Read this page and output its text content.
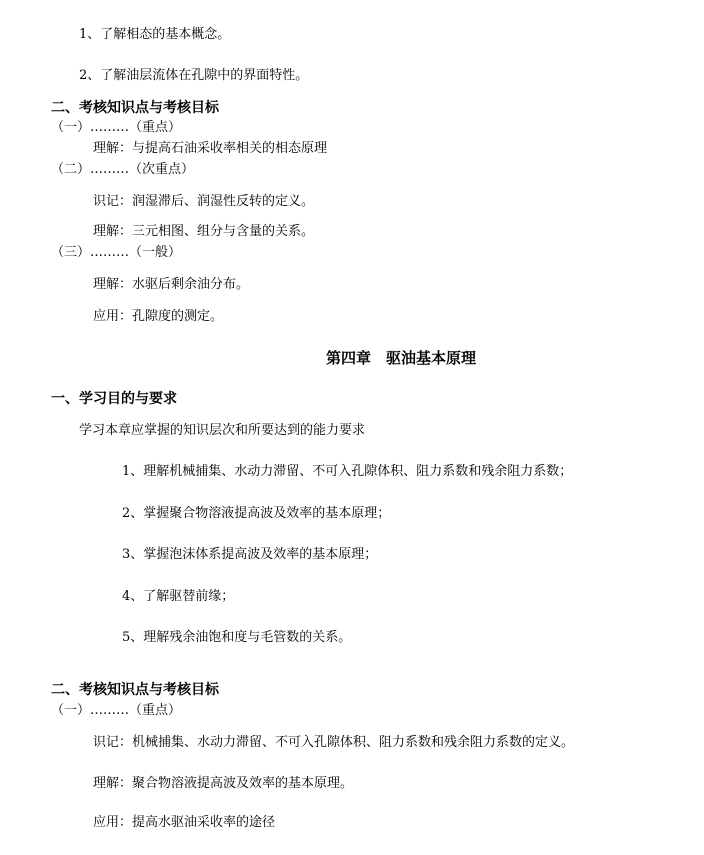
1、了解相态的基本概念。
2、了解油层流体在孔隙中的界面特性。
二、考核知识点与考核目标
（一）………（重点）
理解：与提高石油采收率相关的相态原理
（二）………（次重点）
识记：润湿滞后、润湿性反转的定义。
理解：三元相图、组分与含量的关系。
（三）………（一般）
理解：水驱后剩余油分布。
应用：孔隙度的测定。
第四章　驱油基本原理
一、学习目的与要求
学习本章应掌握的知识层次和所要达到的能力要求
1、理解机械捕集、水动力滞留、不可入孔隙体积、阻力系数和残余阻力系数；
2、掌握聚合物溶液提高波及效率的基本原理；
3、掌握泡沫体系提高波及效率的基本原理；
4、了解驱替前缘；
5、理解残余油饱和度与毛管数的关系。
二、考核知识点与考核目标
（一）………（重点）
识记：机械捕集、水动力滞留、不可入孔隙体积、阻力系数和残余阻力系数的定义。
理解：聚合物溶液提高波及效率的基本原理。
应用：提高水驱油采收率的途径
